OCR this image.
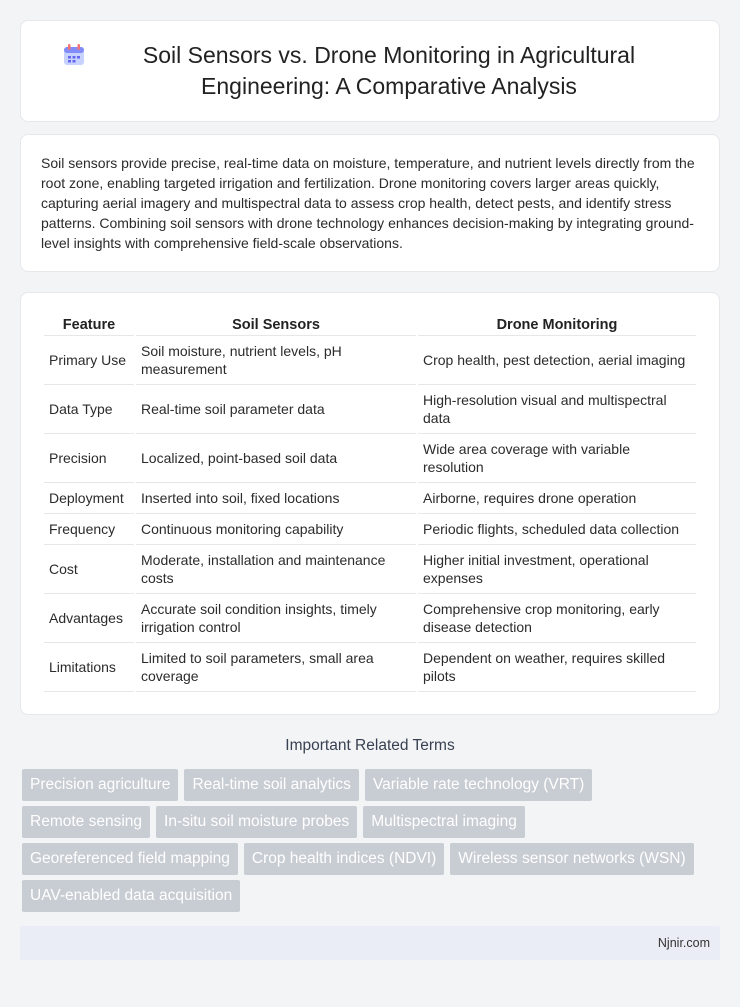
Soil Sensors vs. Drone Monitoring in Agricultural Engineering: A Comparative Analysis
Soil sensors provide precise, real-time data on moisture, temperature, and nutrient levels directly from the root zone, enabling targeted irrigation and fertilization. Drone monitoring covers larger areas quickly, capturing aerial imagery and multispectral data to assess crop health, detect pests, and identify stress patterns. Combining soil sensors with drone technology enhances decision-making by integrating ground-level insights with comprehensive field-scale observations.
Feature	Soil Sensors	Drone Monitoring
Primary Use	Soil moisture, nutrient levels, pH measurement	Crop health, pest detection, aerial imaging
Data Type	Real-time soil parameter data	High-resolution visual and multispectral data
Precision	Localized, point-based soil data	Wide area coverage with variable resolution
Deployment	Inserted into soil, fixed locations	Airborne, requires drone operation
Frequency	Continuous monitoring capability	Periodic flights, scheduled data collection
Cost	Moderate, installation and maintenance costs	Higher initial investment, operational expenses
Advantages	Accurate soil condition insights, timely irrigation control	Comprehensive crop monitoring, early disease detection
Limitations	Limited to soil parameters, small area coverage	Dependent on weather, requires skilled pilots
Important Related Terms
Precision agriculture	Real-time soil analytics	Variable rate technology (VRT)
Remote sensing	In-situ soil moisture probes	Multispectral imaging
Georeferenced field mapping	Crop health indices (NDVI)	Wireless sensor networks (WSN)
UAV-enabled data acquisition
Njnir.com
